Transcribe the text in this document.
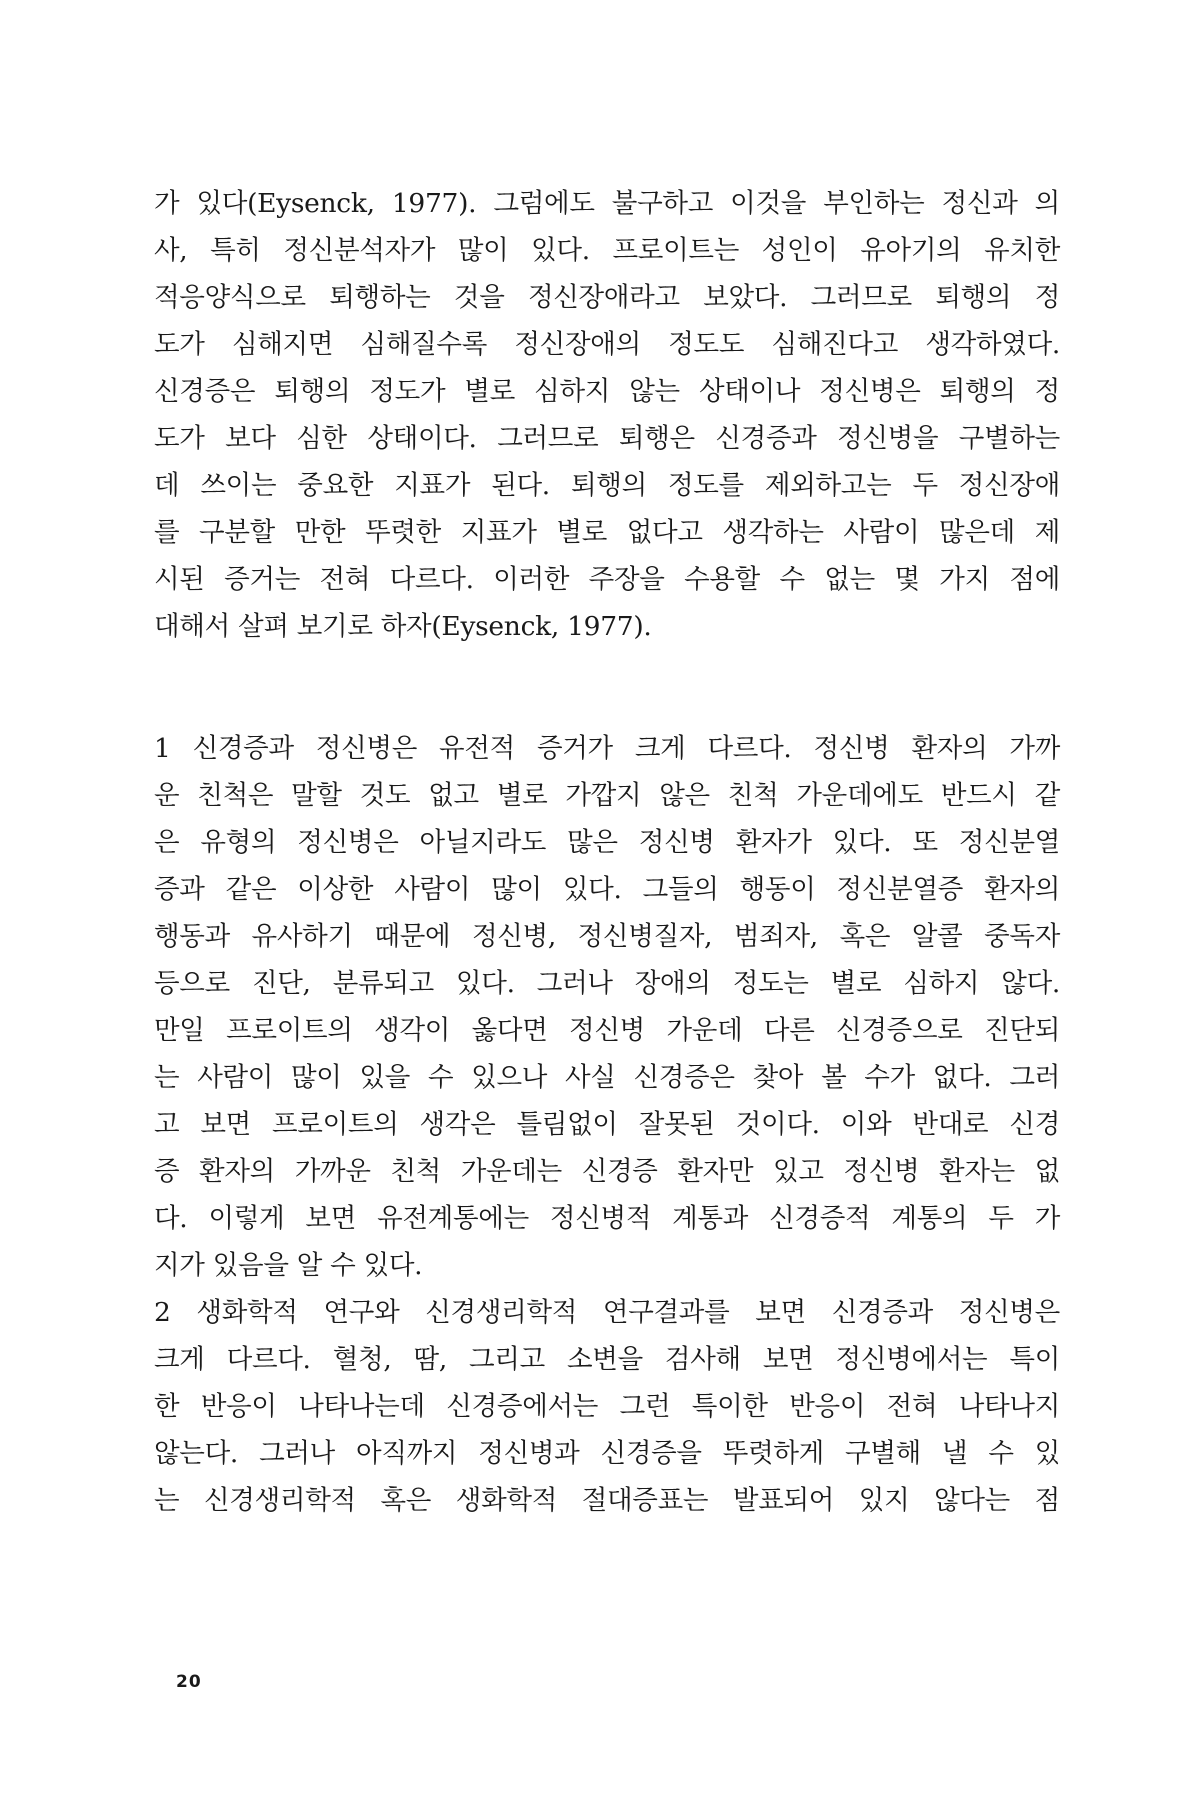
가 있다(Eysenck, 1977). 그럼에도 불구하고 이것을 부인하는 정신과 의
사, 특히 정신분석자가 많이 있다. 프로이트는 성인이 유아기의 유치한
적응양식으로 퇴행하는 것을 정신장애라고 보았다. 그러므로 퇴행의 정
도가 심해지면 심해질수록 정신장애의 정도도 심해진다고 생각하였다.
신경증은 퇴행의 정도가 별로 심하지 않는 상태이나 정신병은 퇴행의 정
도가 보다 심한 상태이다. 그러므로 퇴행은 신경증과 정신병을 구별하는
데 쓰이는 중요한 지표가 된다. 퇴행의 정도를 제외하고는 두 정신장애
를 구분할 만한 뚜렷한 지표가 별로 없다고 생각하는 사람이 많은데 제
시된 증거는 전혀 다르다. 이러한 주장을 수용할 수 없는 몇 가지 점에
대해서 살펴 보기로 하자(Eysenck, 1977).
1 신경증과 정신병은 유전적 증거가 크게 다르다. 정신병 환자의 가까
운 친척은 말할 것도 없고 별로 가깝지 않은 친척 가운데에도 반드시 같
은 유형의 정신병은 아닐지라도 많은 정신병 환자가 있다. 또 정신분열
증과 같은 이상한 사람이 많이 있다. 그들의 행동이 정신분열증 환자의
행동과 유사하기 때문에 정신병, 정신병질자, 범죄자, 혹은 알콜 중독자
등으로 진단, 분류되고 있다. 그러나 장애의 정도는 별로 심하지 않다.
만일 프로이트의 생각이 옳다면 정신병 가운데 다른 신경증으로 진단되
는 사람이 많이 있을 수 있으나 사실 신경증은 찾아 볼 수가 없다. 그러
고 보면 프로이트의 생각은 틀림없이 잘못된 것이다. 이와 반대로 신경
증 환자의 가까운 친척 가운데는 신경증 환자만 있고 정신병 환자는 없
다. 이렇게 보면 유전계통에는 정신병적 계통과 신경증적 계통의 두 가
지가 있음을 알 수 있다.
2 생화학적 연구와 신경생리학적 연구결과를 보면 신경증과 정신병은
크게 다르다. 혈청, 땀, 그리고 소변을 검사해 보면 정신병에서는 특이
한 반응이 나타나는데 신경증에서는 그런 특이한 반응이 전혀 나타나지
않는다. 그러나 아직까지 정신병과 신경증을 뚜렷하게 구별해 낼 수 있
는 신경생리학적 혹은 생화학적 절대증표는 발표되어 있지 않다는 점
20
